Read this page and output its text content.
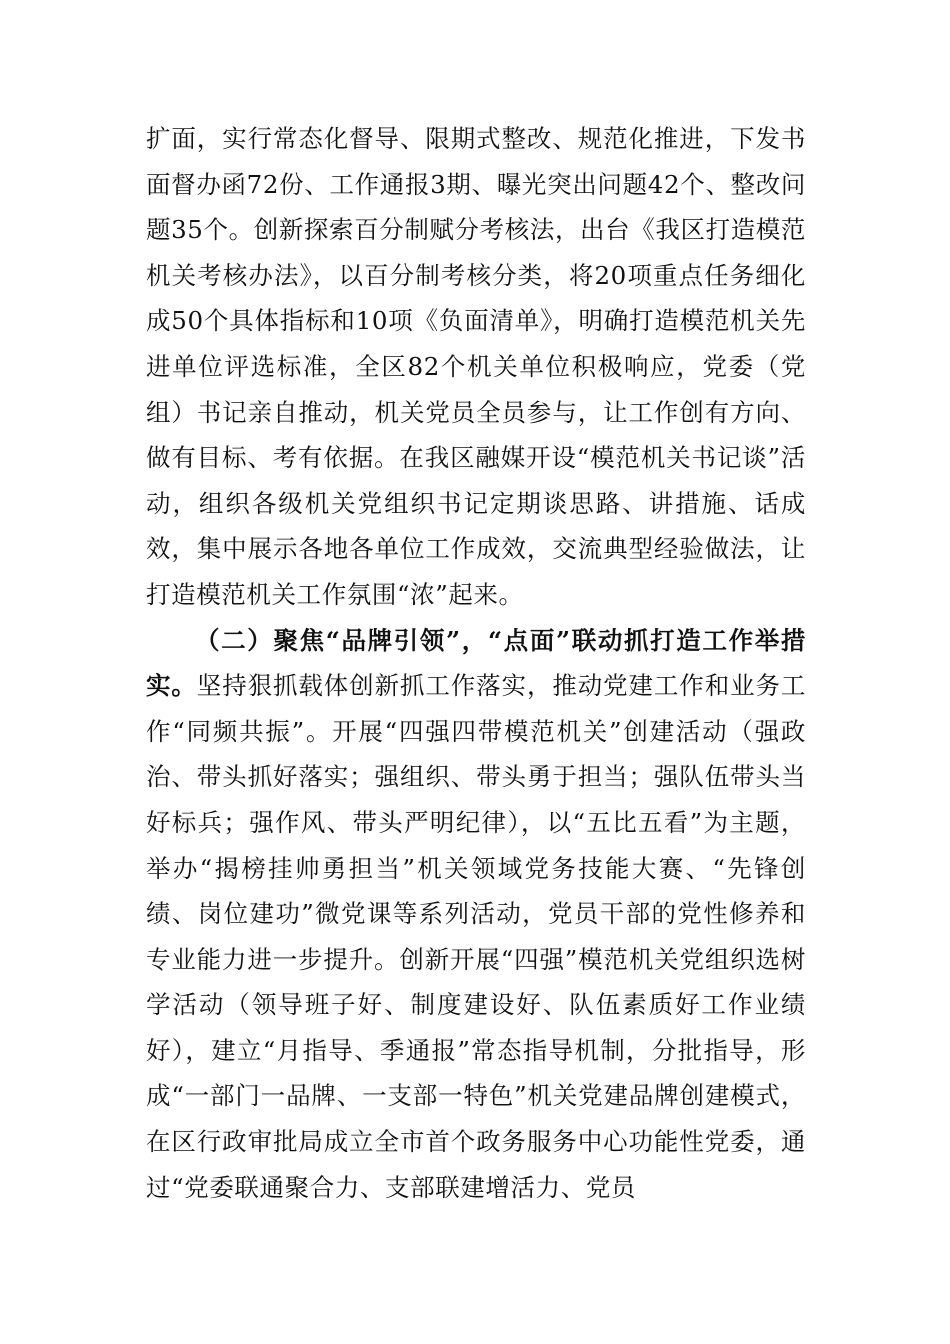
扩面，实行常态化督导、限期式整改、规范化推进，下发书面督办函72份、工作通报3期、曝光突出问题42个、整改问题35个。创新探索百分制赋分考核法，出台《我区打造模范机关考核办法》，以百分制考核分类，将20项重点任务细化成50个具体指标和10项《负面清单》，明确打造模范机关先进单位评选标准，全区82个机关单位积极响应，党委（党组）书记亲自推动，机关党员全员参与，让工作创有方向、做有目标、考有依据。在我区融媒开设“模范机关书记谈”活动，组织各级机关党组织书记定期谈思路、讲措施、话成效，集中展示各地各单位工作成效，交流典型经验做法，让打造模范机关工作氛围“浓”起来。

（二）聚焦“品牌引领”，“点面”联动抓打造工作举措实。坚持狠抓载体创新抓工作落实，推动党建工作和业务工作“同频共振”。开展“四强四带模范机关”创建活动（强政治、带头抓好落实；强组织、带头勇于担当；强队伍带头当好标兵；强作风、带头严明纪律），以“五比五看”为主题，举办“揭榜挂帅勇担当”机关领域党务技能大赛、“先锋创绩、岗位建功”微党课等系列活动，党员干部的党性修养和专业能力进一步提升。创新开展“四强”模范机关党组织选树学活动（领导班子好、制度建设好、队伍素质好工作业绩好），建立“月指导、季通报”常态指导机制，分批指导，形成“一部门一品牌、一支部一特色”机关党建品牌创建模式，在区行政审批局成立全市首个政务服务中心功能性党委，通过“党委联通聚合力、支部联建增活力、党员
